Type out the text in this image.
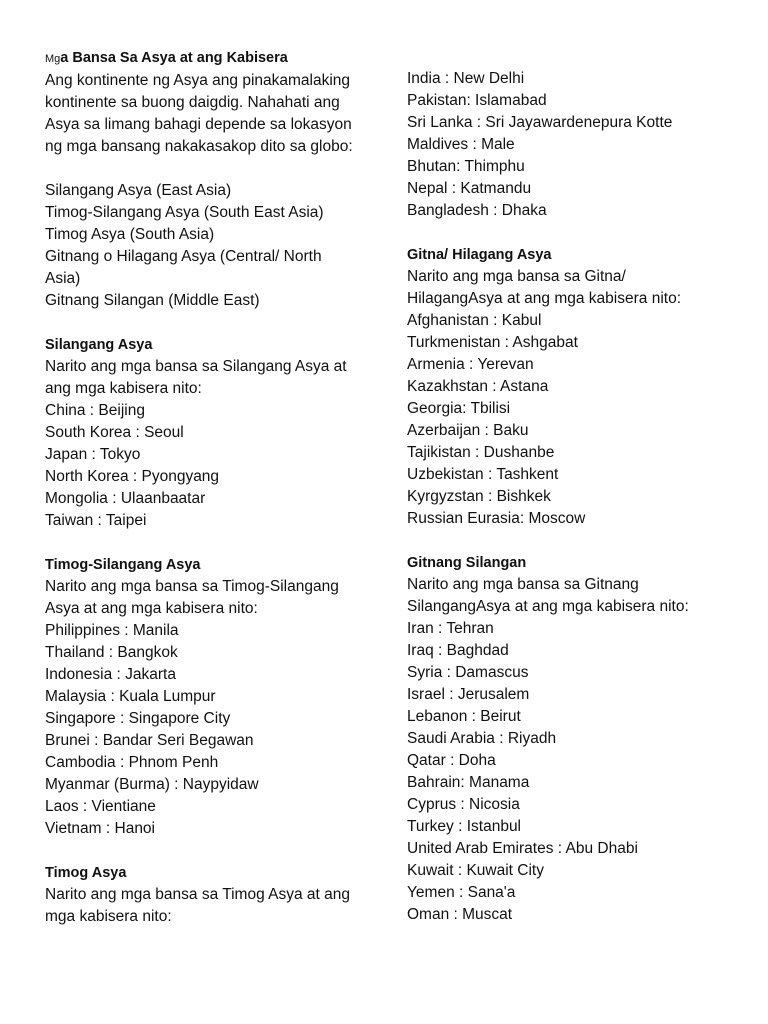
Mga Bansa Sa Asya at ang Kabisera
Ang kontinente ng Asya ang pinakamalaking
kontinente sa buong daigdig. Nahahati ang
Asya sa limang bahagi depende sa lokasyon
ng mga bansang nakakasakop dito sa globo:
Silangang Asya (East Asia)
Timog-Silangang Asya (South East Asia)
Timog Asya (South Asia)
Gitnang o Hilagang Asya (Central/ North
Asia)
Gitnang Silangan (Middle East)
Silangang Asya
Narito ang mga bansa sa Silangang Asya at
ang mga kabisera nito:
China : Beijing
South Korea : Seoul
Japan : Tokyo
North Korea : Pyongyang
Mongolia : Ulaanbaatar
Taiwan : Taipei
Timog-Silangang Asya
Narito ang mga bansa sa Timog-Silangang
Asya at ang mga kabisera nito:
Philippines : Manila
Thailand : Bangkok
Indonesia : Jakarta
Malaysia : Kuala Lumpur
Singapore : Singapore City
Brunei : Bandar Seri Begawan
Cambodia : Phnom Penh
Myanmar (Burma) : Naypyidaw
Laos : Vientiane
Vietnam : Hanoi
Timog Asya
Narito ang mga bansa sa Timog Asya at ang
mga kabisera nito:
India : New Delhi
Pakistan: Islamabad
Sri Lanka : Sri Jayawardenepura Kotte
Maldives : Male
Bhutan: Thimphu
Nepal : Katmandu
Bangladesh : Dhaka
Gitna/ Hilagang Asya
Narito ang mga bansa sa Gitna/
HilagangAsya at ang mga kabisera nito:
Afghanistan : Kabul
Turkmenistan : Ashgabat
Armenia : Yerevan
Kazakhstan : Astana
Georgia: Tbilisi
Azerbaijan : Baku
Tajikistan : Dushanbe
Uzbekistan : Tashkent
Kyrgyzstan : Bishkek
Russian Eurasia: Moscow
Gitnang Silangan
Narito ang mga bansa sa Gitnang
SilangangAsya at ang mga kabisera nito:
Iran : Tehran
Iraq : Baghdad
Syria : Damascus
Israel : Jerusalem
Lebanon : Beirut
Saudi Arabia : Riyadh
Qatar : Doha
Bahrain: Manama
Cyprus : Nicosia
Turkey : Istanbul
United Arab Emirates : Abu Dhabi
Kuwait : Kuwait City
Yemen : Sana'a
Oman : Muscat
